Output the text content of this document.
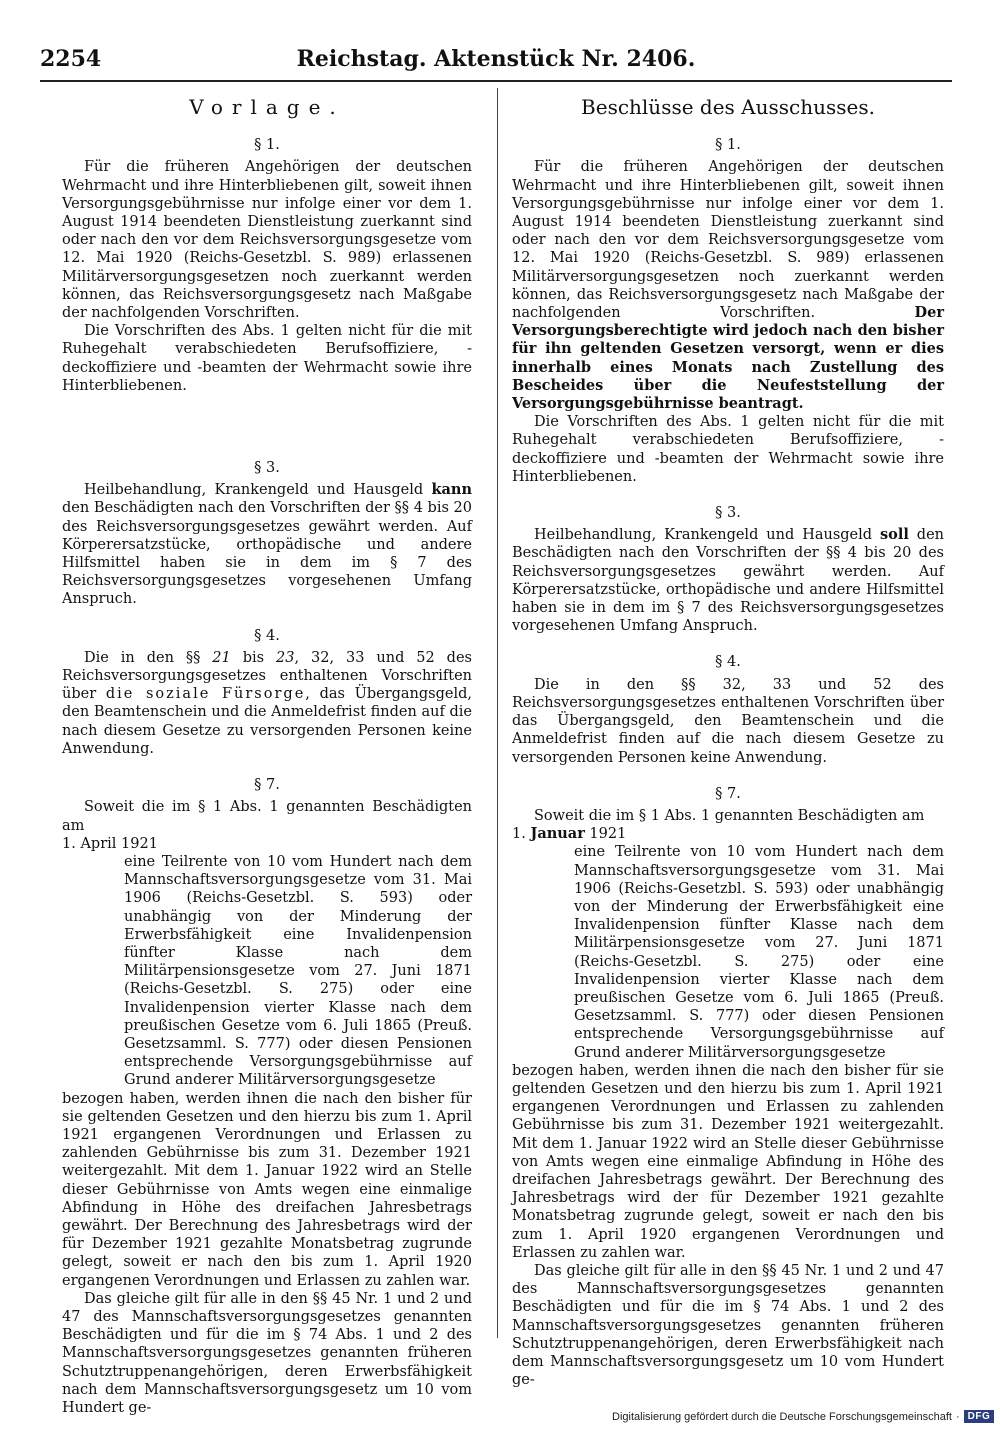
2254	Reichstag. Aktenstück Nr. 2406.
Vorlage.
§ 1.

Für die früheren Angehörigen der deutschen Wehrmacht und ihre Hinterbliebenen gilt, soweit ihnen Versorgungsgebührnisse nur infolge einer vor dem 1. August 1914 beendeten Dienstleistung zuerkannt sind oder nach den vor dem Reichsversorgungsgesetze vom 12. Mai 1920 (Reichs-Gesetzbl. S. 989) erlassenen Militärversorgungsgesetzen noch zuerkannt werden können, das Reichsversorgungsgesetz nach Maßgabe der nachfolgenden Vorschriften.

Die Vorschriften des Abs. 1 gelten nicht für die mit Ruhegehalt verabschiedeten Berufsoffiziere, -deckoffiziere und -beamten der Wehrmacht sowie ihre Hinterbliebenen.

§ 3.

Heilbehandlung, Krankengeld und Hausgeld kann den Beschädigten nach den Vorschriften der §§ 4 bis 20 des Reichsversorgungsgesetzes gewährt werden. Auf Körperersatzstücke, orthopädische und andere Hilfsmittel haben sie in dem im § 7 des Reichsversorgungsgesetzes vorgesehenen Umfang Anspruch.

§ 4.

Die in den §§ 21 bis 23, 32, 33 und 52 des Reichsversorgungsgesetzes enthaltenen Vorschriften über die soziale Fürsorge, das Übergangsgeld, den Beamtenschein und die Anmeldefrist finden auf die nach diesem Gesetze zu versorgenden Personen keine Anwendung.

§ 7.

Soweit die im § 1 Abs. 1 genannten Beschädigten am

1. April 1921

eine Teilrente von 10 vom Hundert nach dem Mannschaftsversorgungsgesetze vom 31. Mai 1906 (Reichs-Gesetzbl. S. 593) oder unabhängig von der Minderung der Erwerbsfähigkeit eine Invalidenpension fünfter Klasse nach dem Militärpensionsgesetze vom 27. Juni 1871 (Reichs-Gesetzbl. S. 275) oder eine Invalidenpension vierter Klasse nach dem preußischen Gesetze vom 6. Juli 1865 (Preuß. Gesetzsamml. S. 777) oder diesen Pensionen entsprechende Versorgungsgebührnisse auf Grund anderer Militärversorgungsgesetze

bezogen haben, werden ihnen die nach den bisher für sie geltenden Gesetzen und den hierzu bis zum 1. April 1921 ergangenen Verordnungen und Erlassen zu zahlenden Gebührnisse bis zum 31. Dezember 1921 weitergezahlt. Mit dem 1. Januar 1922 wird an Stelle dieser Gebührnisse von Amts wegen eine einmalige Abfindung in Höhe des dreifachen Jahresbetrags gewährt. Der Berechnung des Jahresbetrags wird der für Dezember 1921 gezahlte Monatsbetrag zugrunde gelegt, soweit er nach den bis zum 1. April 1920 ergangenen Verordnungen und Erlassen zu zahlen war.

Das gleiche gilt für alle in den §§ 45 Nr. 1 und 2 und 47 des Mannschaftsversorgungsgesetzes genannten Beschädigten und für die im § 74 Abs. 1 und 2 des Mannschaftsversorgungsgesetzes genannten früheren Schutztruppenangehörigen, deren Erwerbsfähigkeit nach dem Mannschaftsversorgungsgesetz um 10 vom Hundert ge-

Beschlüsse des Ausschusses.
§ 1.

Für die früheren Angehörigen der deutschen Wehrmacht und ihre Hinterbliebenen gilt, soweit ihnen Versorgungsgebührnisse nur infolge einer vor dem 1. August 1914 beendeten Dienstleistung zuerkannt sind oder nach den vor dem Reichsversorgungsgesetze vom 12. Mai 1920 (Reichs-Gesetzbl. S. 989) erlassenen Militärversorgungsgesetzen noch zuerkannt werden können, das Reichsversorgungsgesetz nach Maßgabe der nachfolgenden Vorschriften. Der Versorgungsberechtigte wird jedoch nach den bisher für ihn geltenden Gesetzen versorgt, wenn er dies innerhalb eines Monats nach Zustellung des Bescheides über die Neufeststellung der Versorgungsgebührnisse beantragt.

Die Vorschriften des Abs. 1 gelten nicht für die mit Ruhegehalt verabschiedeten Berufsoffiziere, -deckoffiziere und -beamten der Wehrmacht sowie ihre Hinterbliebenen.

§ 3.

Heilbehandlung, Krankengeld und Hausgeld soll den Beschädigten nach den Vorschriften der §§ 4 bis 20 des Reichsversorgungsgesetzes gewährt werden. Auf Körperersatzstücke, orthopädische und andere Hilfsmittel haben sie in dem im § 7 des Reichsversorgungsgesetzes vorgesehenen Umfang Anspruch.

§ 4.

Die in den §§ 32, 33 und 52 des Reichsversorgungsgesetzes enthaltenen Vorschriften über das Übergangsgeld, den Beamtenschein und die Anmeldefrist finden auf die nach diesem Gesetze zu versorgenden Personen keine Anwendung.

§ 7.

Soweit die im § 1 Abs. 1 genannten Beschädigten am

1. Januar 1921

eine Teilrente von 10 vom Hundert nach dem Mannschaftsversorgungsgesetze vom 31. Mai 1906 (Reichs-Gesetzbl. S. 593) oder unabhängig von der Minderung der Erwerbsfähigkeit eine Invalidenpension fünfter Klasse nach dem Militärpensionsgesetze vom 27. Juni 1871 (Reichs-Gesetzbl. S. 275) oder eine Invalidenpension vierter Klasse nach dem preußischen Gesetze vom 6. Juli 1865 (Preuß. Gesetzsamml. S. 777) oder diesen Pensionen entsprechende Versorgungsgebührnisse auf Grund anderer Militärversorgungsgesetze

bezogen haben, werden ihnen die nach den bisher für sie geltenden Gesetzen und den hierzu bis zum 1. April 1921 ergangenen Verordnungen und Erlassen zu zahlenden Gebührnisse bis zum 31. Dezember 1921 weitergezahlt. Mit dem 1. Januar 1922 wird an Stelle dieser Gebührnisse von Amts wegen eine einmalige Abfindung in Höhe des dreifachen Jahresbetrags gewährt. Der Berechnung des Jahresbetrags wird der für Dezember 1921 gezahlte Monatsbetrag zugrunde gelegt, soweit er nach den bis zum 1. April 1920 ergangenen Verordnungen und Erlassen zu zahlen war.

Das gleiche gilt für alle in den §§ 45 Nr. 1 und 2 und 47 des Mannschaftsversorgungsgesetzes genannten Beschädigten und für die im § 74 Abs. 1 und 2 des Mannschaftsversorgungsgesetzes genannten früheren Schutztruppenangehörigen, deren Erwerbsfähigkeit nach dem Mannschaftsversorgungsgesetz um 10 vom Hundert ge-

Digitalisierung gefördert durch die Deutsche Forschungsgemeinschaft · DFG
